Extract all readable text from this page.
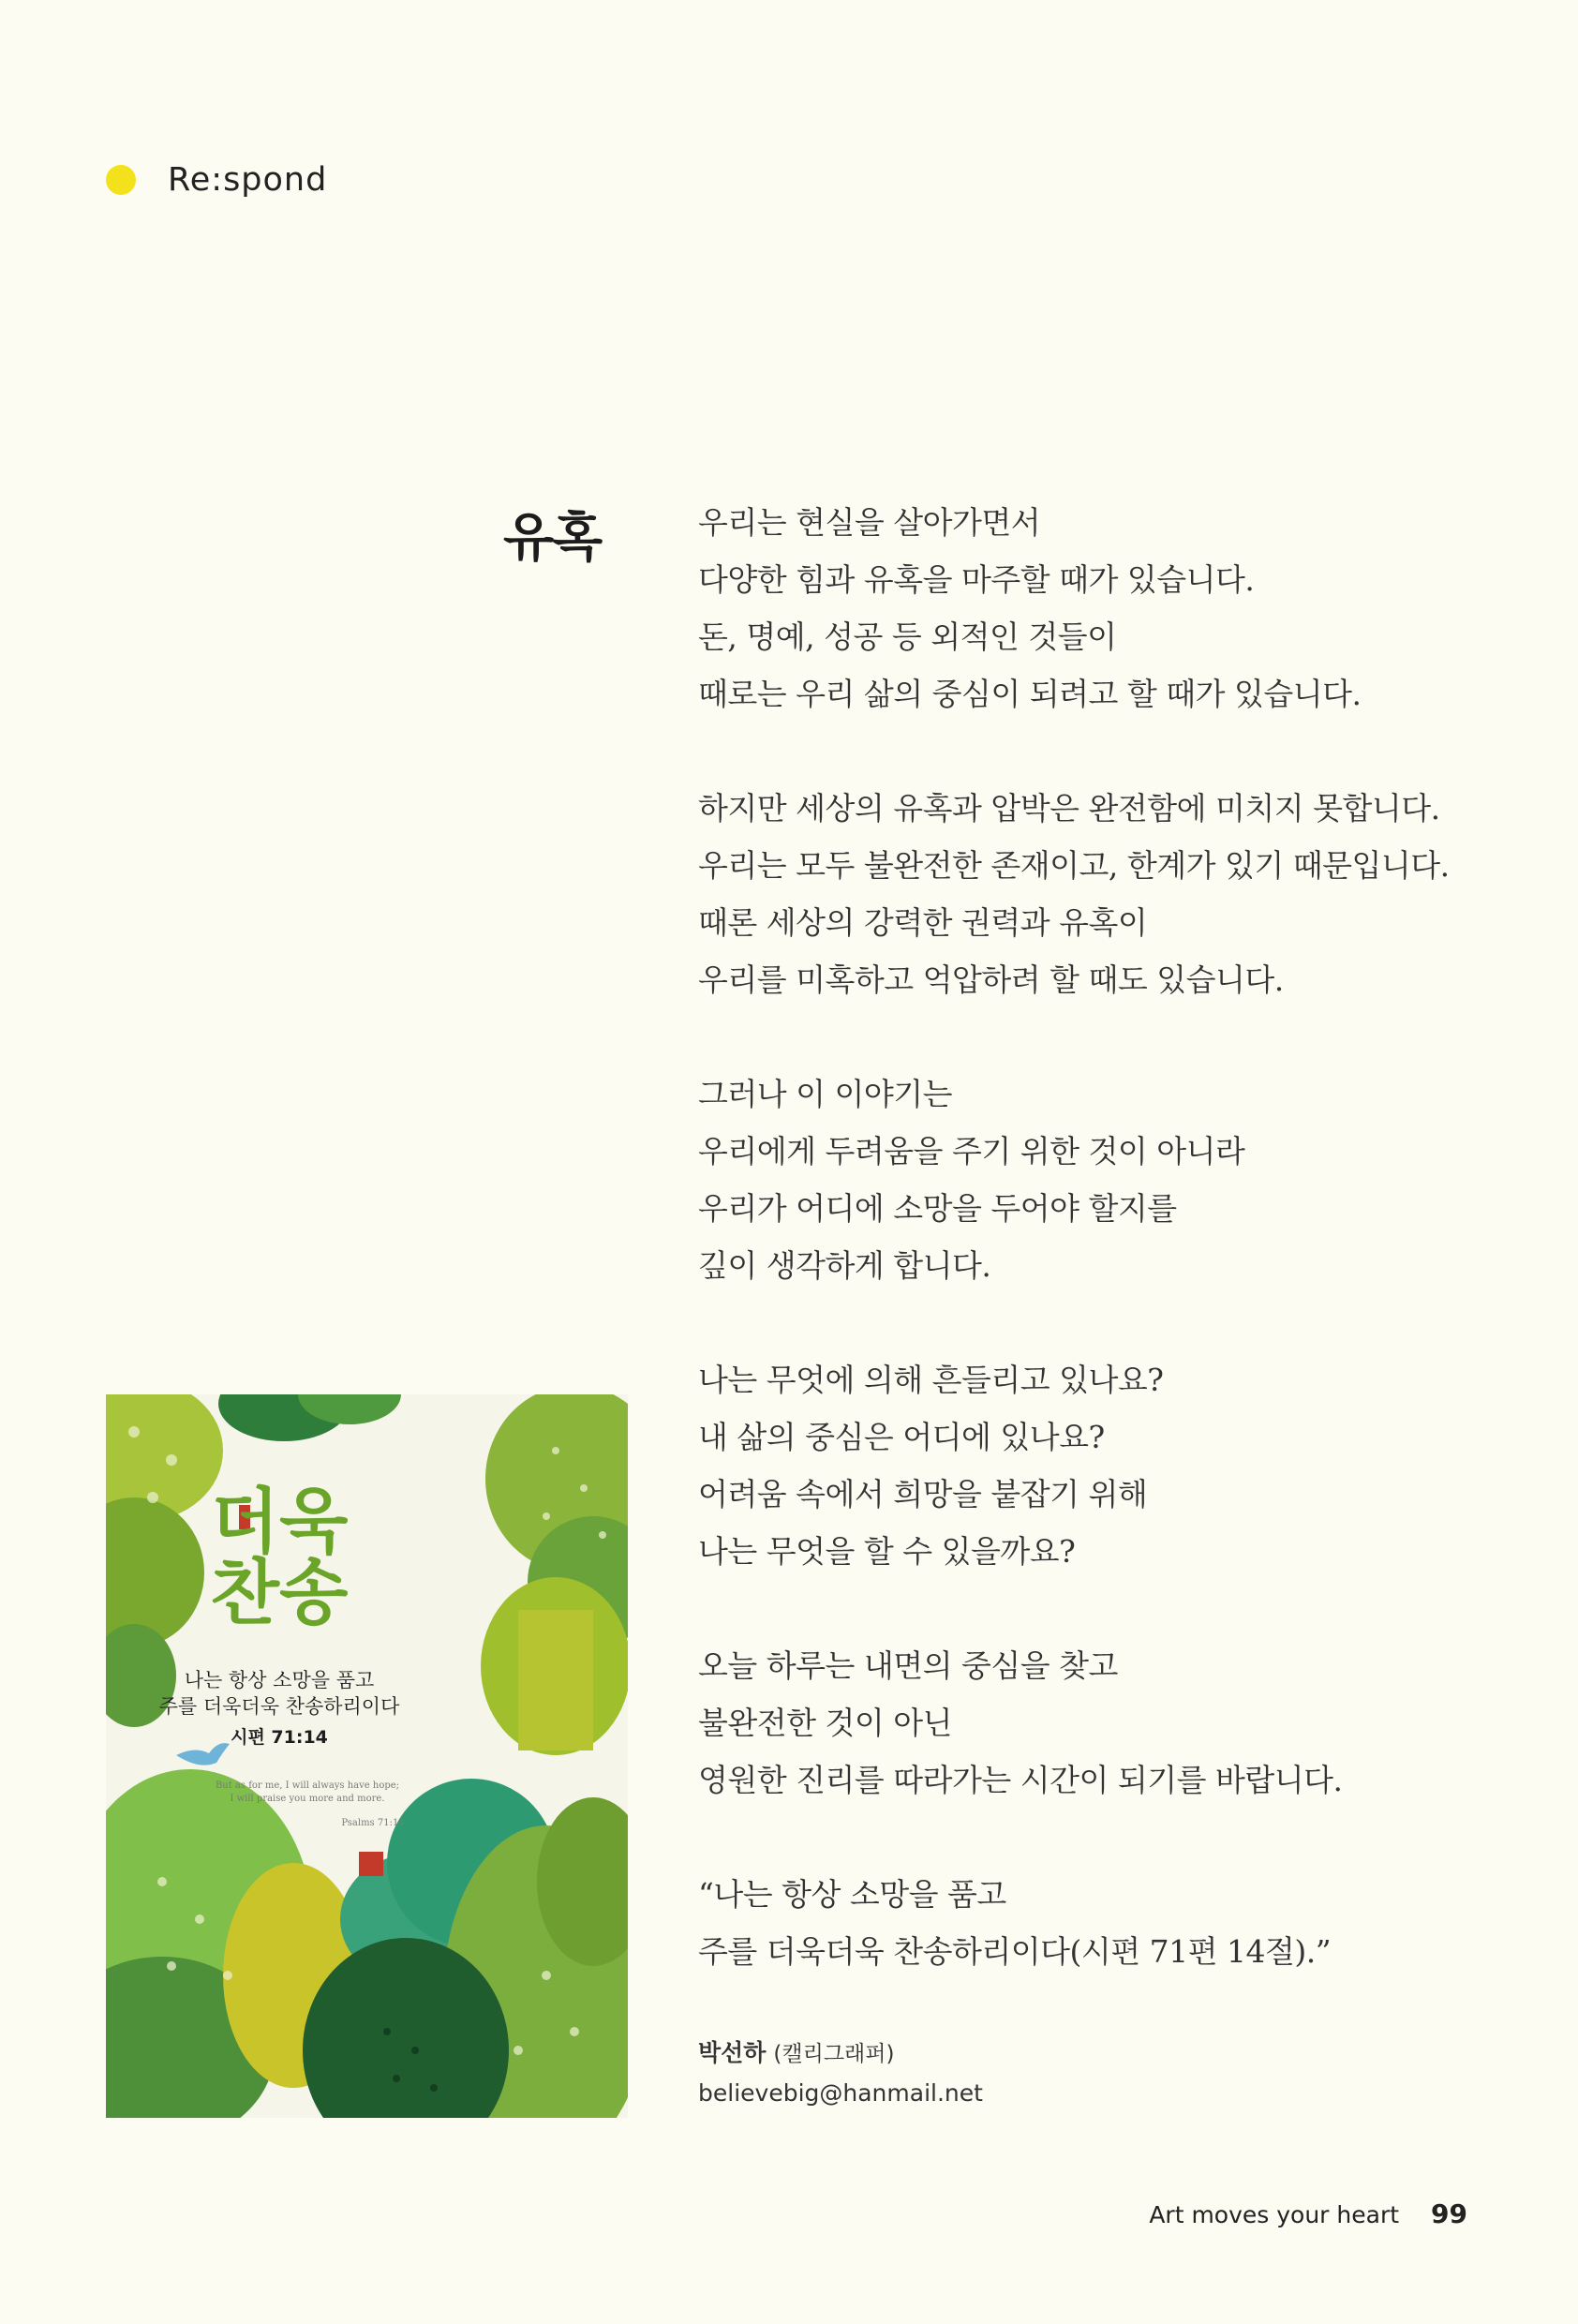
Re:spond
유혹	우리는 현실을 살아가면서
다양한 힘과 유혹을 마주할 때가 있습니다.
돈, 명예, 성공 등 외적인 것들이
때로는 우리 삶의 중심이 되려고 할 때가 있습니다.

하지만 세상의 유혹과 압박은 완전함에 미치지 못합니다.
우리는 모두 불완전한 존재이고, 한계가 있기 때문입니다.
때론 세상의 강력한 권력과 유혹이
우리를 미혹하고 억압하려 할 때도 있습니다.

그러나 이 이야기는
우리에게 두려움을 주기 위한 것이 아니라
우리가 어디에 소망을 두어야 할지를
깊이 생각하게 합니다.

나는 무엇에 의해 흔들리고 있나요?
내 삶의 중심은 어디에 있나요?
어려움 속에서 희망을 붙잡기 위해
나는 무엇을 할 수 있을까요?

오늘 하루는 내면의 중심을 찾고
불완전한 것이 아닌
영원한 진리를 따라가는 시간이 되기를 바랍니다.

“나는 항상 소망을 품고
주를 더욱더욱 찬송하리이다(시편 71편 14절).”

박선하 (캘리그래퍼)
believebig@hanmail.net
더욱
찬송
나는 항상 소망을 품고
주를 더욱더욱 찬송하리이다
시편 71:14
But as for me, I will always have hope;
I will praise you more and more.
Psalms 71:14
Art moves your heart 99
